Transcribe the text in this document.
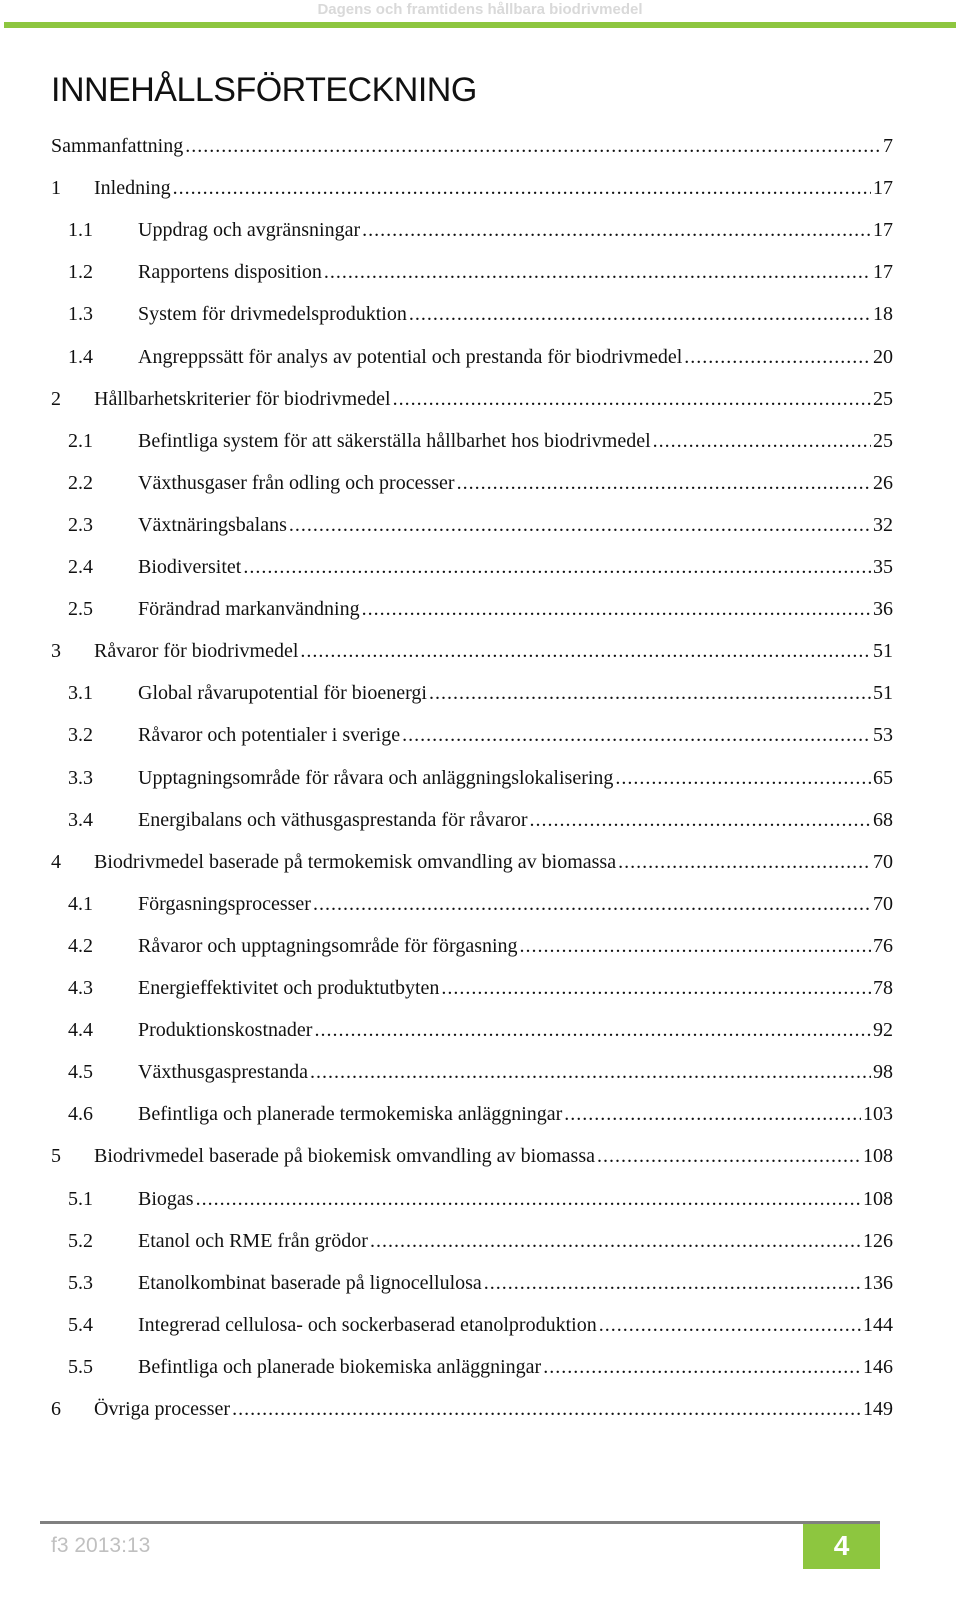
Dagens och framtidens hållbara biodrivmedel
INNEHÅLLSFÖRTECKNING
Sammanfattning .....	7
1 Inledning .....	17
1.1 Uppdrag och avgränsningar .....	17
1.2 Rapportens disposition .....	17
1.3 System för drivmedelsproduktion .....	18
1.4 Angreppssätt för analys av potential och prestanda för biodrivmedel .....	20
2 Hållbarhetskriterier för biodrivmedel .....	25
2.1 Befintliga system för att säkerställa hållbarhet hos biodrivmedel .....	25
2.2 Växthusgaser från odling och processer .....	26
2.3 Växtnäringsbalans .....	32
2.4 Biodiversitet .....	35
2.5 Förändrad markanvändning .....	36
3 Råvaror för biodrivmedel .....	51
3.1 Global råvarupotential för bioenergi .....	51
3.2 Råvaror och potentialer i sverige .....	53
3.3 Upptagningsområde för råvara och anläggningslokalisering .....	65
3.4 Energibalans och väthusgasprestanda för råvaror .....	68
4 Biodrivmedel baserade på termokemisk omvandling av biomassa .....	70
4.1 Förgasningsprocesser .....	70
4.2 Råvaror och upptagningsområde för förgasning .....	76
4.3 Energieffektivitet och produktutbyten .....	78
4.4 Produktionskostnader .....	92
4.5 Växthusgasprestanda .....	98
4.6 Befintliga och planerade termokemiska anläggningar .....	103
5 Biodrivmedel baserade på biokemisk omvandling av biomassa .....	108
5.1 Biogas .....	108
5.2 Etanol och RME från grödor .....	126
5.3 Etanolkombinat baserade på lignocellulosa .....	136
5.4 Integrerad cellulosa- och sockerbaserad etanolproduktion .....	144
5.5 Befintliga och planerade biokemiska anläggningar .....	146
6 Övriga processer .....	149
f3 2013:13	4
